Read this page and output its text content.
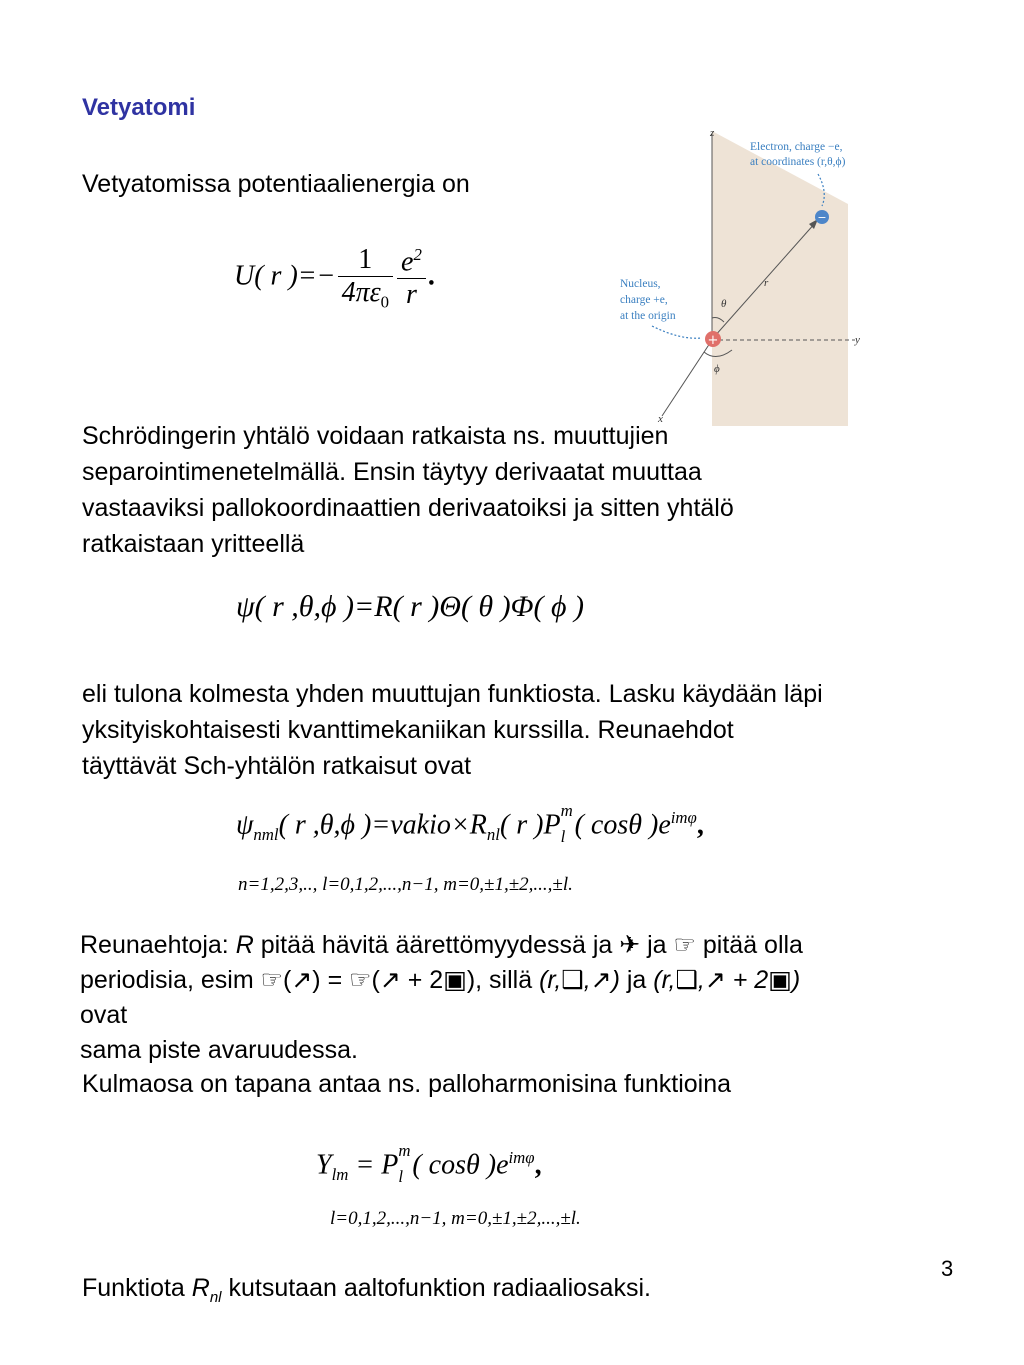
Vetyatomi
Vetyatomissa potentiaalienergia on
U( r )=− $\frac{1}{4\pi\varepsilon_0} \frac{e^2}{r}$ .
−
+
Electron, charge −e,
at coordinates (r,θ,ϕ)
Nucleus,
charge +e,
at the origin
z
y
x
r
θ
ϕ
Schrödingerin yhtälö voidaan ratkaista ns. muuttujien
separointimenetelmällä. Ensin täytyy derivaatat muuttaa
vastaaviksi pallokoordinaattien derivaatoiksi ja sitten yhtälö
ratkaistaan yritteellä
ψ( r ,θ,ϕ )=R( r )Θ( θ )Φ( ϕ )
eli tulona kolmesta yhden muuttujan funktiosta. Lasku käydään läpi
yksityiskohtaisesti kvanttimekaniikan kurssilla. Reunaehdot
täyttävät Sch-yhtälön ratkaisut ovat
$\psi_{nml}$( r ,θ,ϕ )$=vakio\times R_{nl}$( r )P m
l ( cosθ )$e^{im\varphi}$,
n=1,2,3,.., l=0,1,2,...,n−1, m=0,±1,±2,...,±l.
Reunaehtoja: R pitää hävitä äärettömyydessä ja ✈ ja ☞ pitää olla
periodisia, esim ☞(↗) = ☞(↗ + 2▣), sillä (r,❑,↗) ja (r,❑,↗ + 2▣)
ovat
sama piste avaruudessa.
Kulmaosa on tapana antaa ns. palloharmonisina funktioina
$Y_{lm} = P$ m
l ( cosθ )$e^{im\varphi}$,
l=0,1,2,...,n−1, m=0,±1,±2,...,±l.
3
Funktiota $R_{nl}$ kutsutaan aaltofunktion radiaaliosaksi.
